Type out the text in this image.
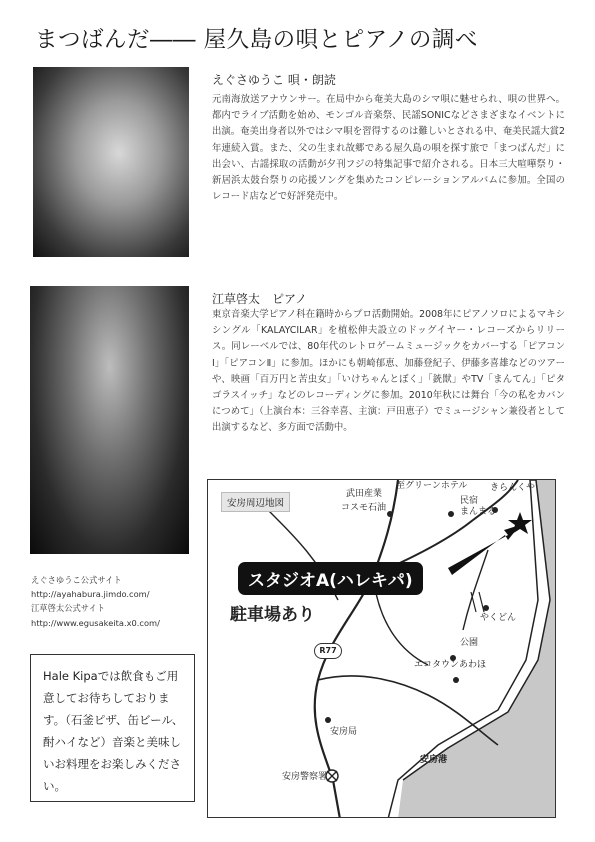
まつばんだ―― 屋久島の唄とピアノの調べ
えぐさゆうこ 唄・朗読
元南海放送アナウンサー。在局中から奄美大島のシマ唄に魅せられ、唄の世界へ。都内でライブ活動を始め、モンゴル音楽祭、民謡SONICなどさまざまなイベントに出演。奄美出身者以外ではシマ唄を習得するのは難しいとされる中、奄美民謡大賞2年連続入賞。また、父の生まれ故郷である屋久島の唄を探す旅で「まつばんだ」に出会い、古謡採取の活動が夕刊フジの特集記事で紹介される。日本三大喧嘩祭り・新居浜太鼓台祭りの応援ソングを集めたコンピレーションアルバムに参加。全国のレコード店などで好評発売中。
江草啓太　ピアノ
東京音楽大学ピアノ科在籍時からプロ活動開始。2008年にピアノソロによるマキシシングル「KALAYCILAR」を植松伸夫設立のドッグイヤー・レコーズからリリース。同レーベルでは、80年代のレトロゲームミュージックをカバーする「ピアコンⅠ」「ピアコンⅡ」に参加。ほかにも朝崎郁恵、加藤登紀子、伊藤多喜雄などのツアーや、映画「百万円と苦虫女」「いけちゃんとぼく」「銃獣」やTV「まんてん」「ピタゴラスイッチ」などのレコーディングに参加。2010年秋には舞台「今の私をカバンにつめて」（上演台本：三谷幸喜、主演：戸田恵子）でミュージシャン兼役者として出演するなど、多方面で活動中。
えぐさゆうこ公式サイト
http://ayahabura.jimdo.com/
江草啓太公式サイト
http://www.egusakeita.x0.com/
Hale Kipaでは飲食もご用意してお待ちしております。（石釜ピザ、缶ビール、酎ハイなど）音楽と美味しいお料理をお楽しみください。
安房周辺地図
武田産業
コスモ石油
至グリーンホテル
民宿
まんまる
きらんくや
やくどん
公園
エコタウンあわほ
安房局
安房警察署
安房港
スタジオA(ハレキパ)
駐車場あり
R77
